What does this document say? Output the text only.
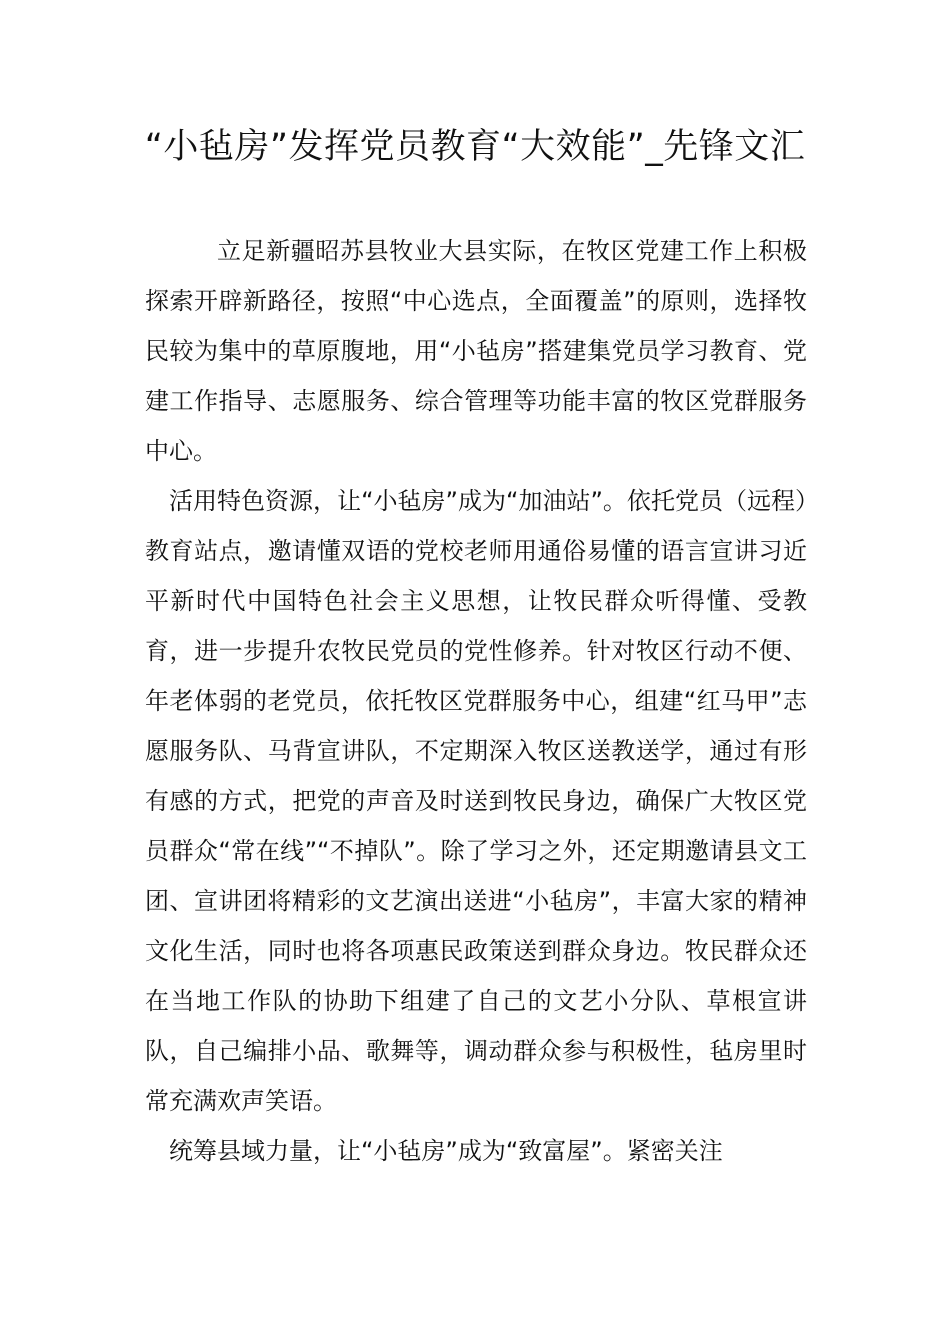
“小毡房”发挥党员教育“大效能”_先锋文汇

立足新疆昭苏县牧业大县实际，在牧区党建工作上积极探索开辟新路径，按照“中心选点，全面覆盖”的原则，选择牧民较为集中的草原腹地，用“小毡房”搭建集党员学习教育、党建工作指导、志愿服务、综合管理等功能丰富的牧区党群服务中心。

活用特色资源，让“小毡房”成为“加油站”。依托党员（远程）教育站点，邀请懂双语的党校老师用通俗易懂的语言宣讲习近平新时代中国特色社会主义思想，让牧民群众听得懂、受教育，进一步提升农牧民党员的党性修养。针对牧区行动不便、年老体弱的老党员，依托牧区党群服务中心，组建“红马甲”志愿服务队、马背宣讲队，不定期深入牧区送教送学，通过有形有感的方式，把党的声音及时送到牧民身边，确保广大牧区党员群众“常在线”“不掉队”。除了学习之外，还定期邀请县文工团、宣讲团将精彩的文艺演出送进“小毡房”，丰富大家的精神文化生活，同时也将各项惠民政策送到群众身边。牧民群众还在当地工作队的协助下组建了自己的文艺小分队、草根宣讲队，自己编排小品、歌舞等，调动群众参与积极性，毡房里时常充满欢声笑语。

统筹县域力量，让“小毡房”成为“致富屋”。紧密关注
